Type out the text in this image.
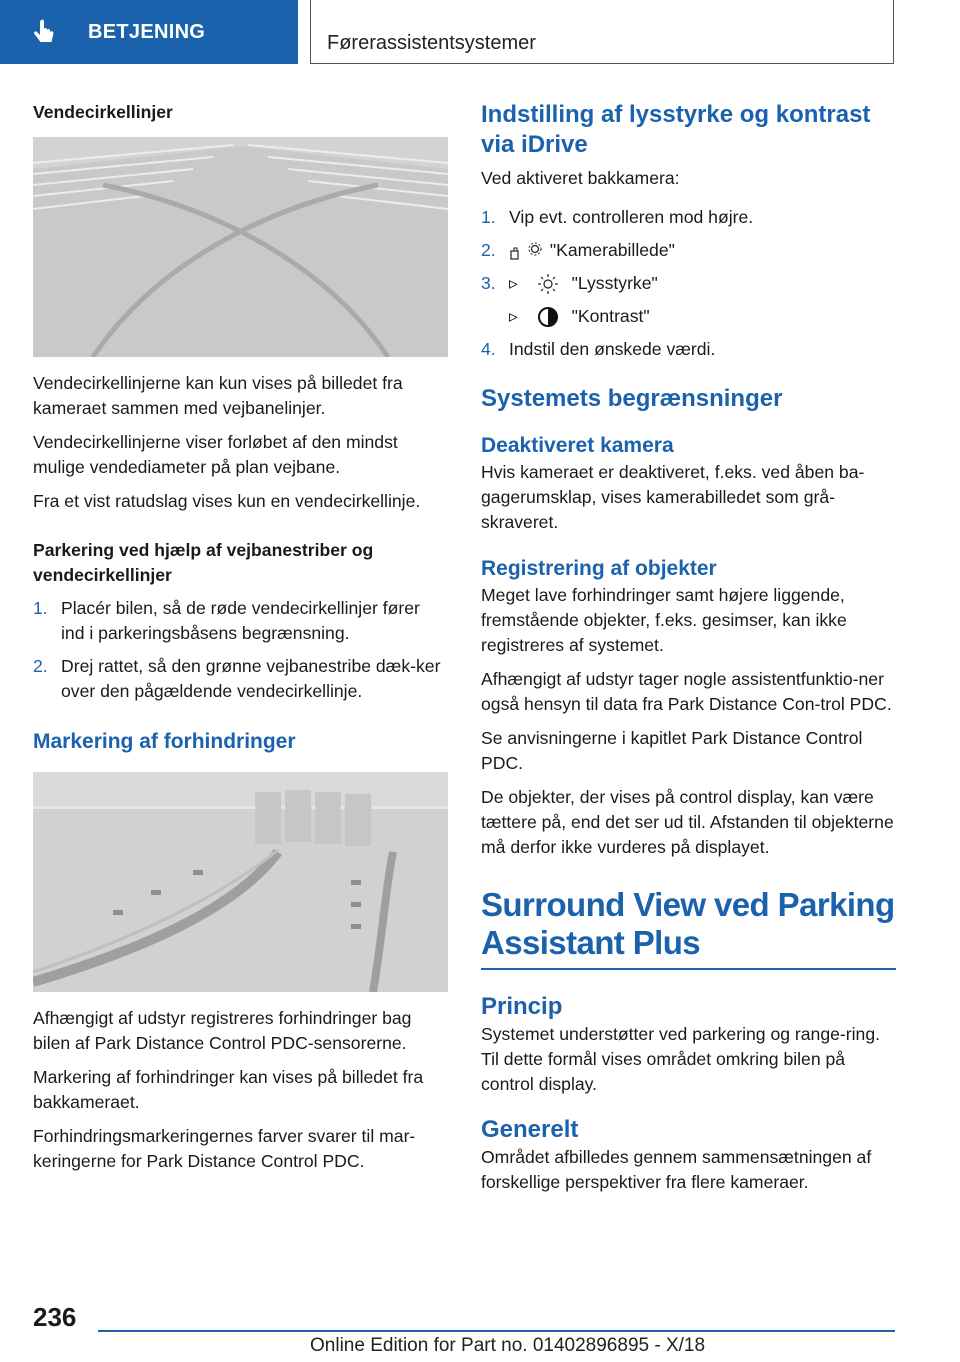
BETJENING	Førerassistentsystemer
Vendecirkellinjer

Vendecirkellinjerne kan kun vises på billedet fra kameraet sammen med vejbanelinjer.

Vendecirkellinjerne viser forløbet af den mindst mulige vendediameter på plan vejbane.

Fra et vist ratudslag vises kun en vendecirkellinje.

Parkering ved hjælp af vejbanestriber og vendecirkellinjer
1. Placér bilen, så de røde vendecirkellinjer fører ind i parkeringsbåsens begrænsning.
2. Drej rattet, så den grønne vejbanestribe dæk-ker over den pågældende vendecirkellinje.
Markering af forhindringer

Afhængigt af udstyr registreres forhindringer bag bilen af Park Distance Control PDC-sensorerne.

Markering af forhindringer kan vises på billedet fra bakkameraet.

Forhindringsmarkeringernes farver svarer til mar-keringerne for Park Distance Control PDC.

Indstilling af lysstyrke og kontrast via iDrive

Ved aktiveret bakkamera:

1. Vip evt. controlleren mod højre.
2.	"Kamerabillede"
3. ▹	"Lysstyrke"
▹	"Kontrast"
4. Indstil den ønskede værdi.
Systemets begrænsninger
Deaktiveret kamera

Hvis kameraet er deaktiveret, f.eks. ved åben ba-gagerumsklap, vises kamerabilledet som grå-skraveret.

Registrering af objekter

Meget lave forhindringer samt højere liggende, fremstående objekter, f.eks. gesimser, kan ikke registreres af systemet.

Afhængigt af udstyr tager nogle assistentfunktio-ner også hensyn til data fra Park Distance Con-trol PDC.

Se anvisningerne i kapitlet Park Distance Control PDC.

De objekter, der vises på control display, kan være tættere på, end det ser ud til. Afstanden til objekterne må derfor ikke vurderes på displayet.

Surround View ved Parking Assistant Plus
Princip

Systemet understøtter ved parkering og range-ring. Til dette formål vises området omkring bilen på control display.

Generelt

Området afbilledes gennem sammensætningen af forskellige perspektiver fra flere kameraer.

236
Online Edition for Part no. 01402896895 - X/18
